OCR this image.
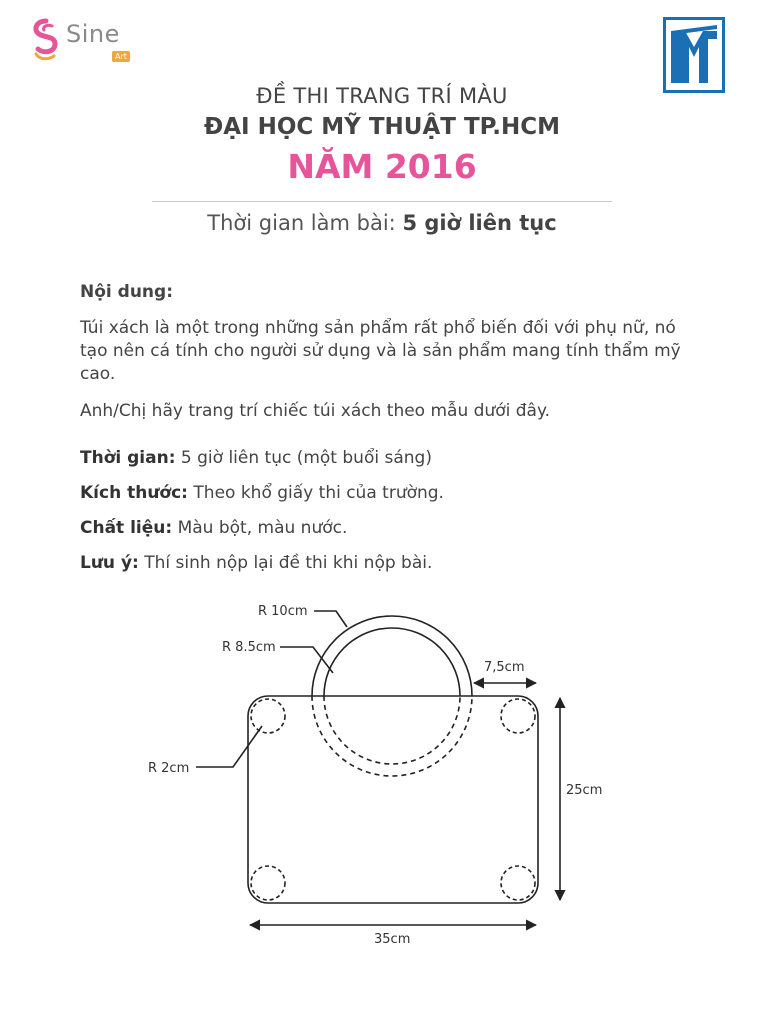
Sine
Art
ĐỀ THI TRANG TRÍ MÀU
ĐẠI HỌC MỸ THUẬT TP.HCM
NĂM 2016
Thời gian làm bài: 5 giờ liên tục
Nội dung:

Túi xách là một trong những sản phẩm rất phổ biến đối với phụ nữ, nó tạo nên cá tính cho người sử dụng và là sản phẩm mang tính thẩm mỹ cao.

Anh/Chị hãy trang trí chiếc túi xách theo mẫu dưới đây.

Thời gian: 5 giờ liên tục (một buổi sáng)

Kích thước: Theo khổ giấy thi của trường.

Chất liệu: Màu bột, màu nước.

Lưu ý: Thí sinh nộp lại đề thi khi nộp bài.

R 10cm
R 8.5cm
R 2cm
7,5cm
25cm
35cm
